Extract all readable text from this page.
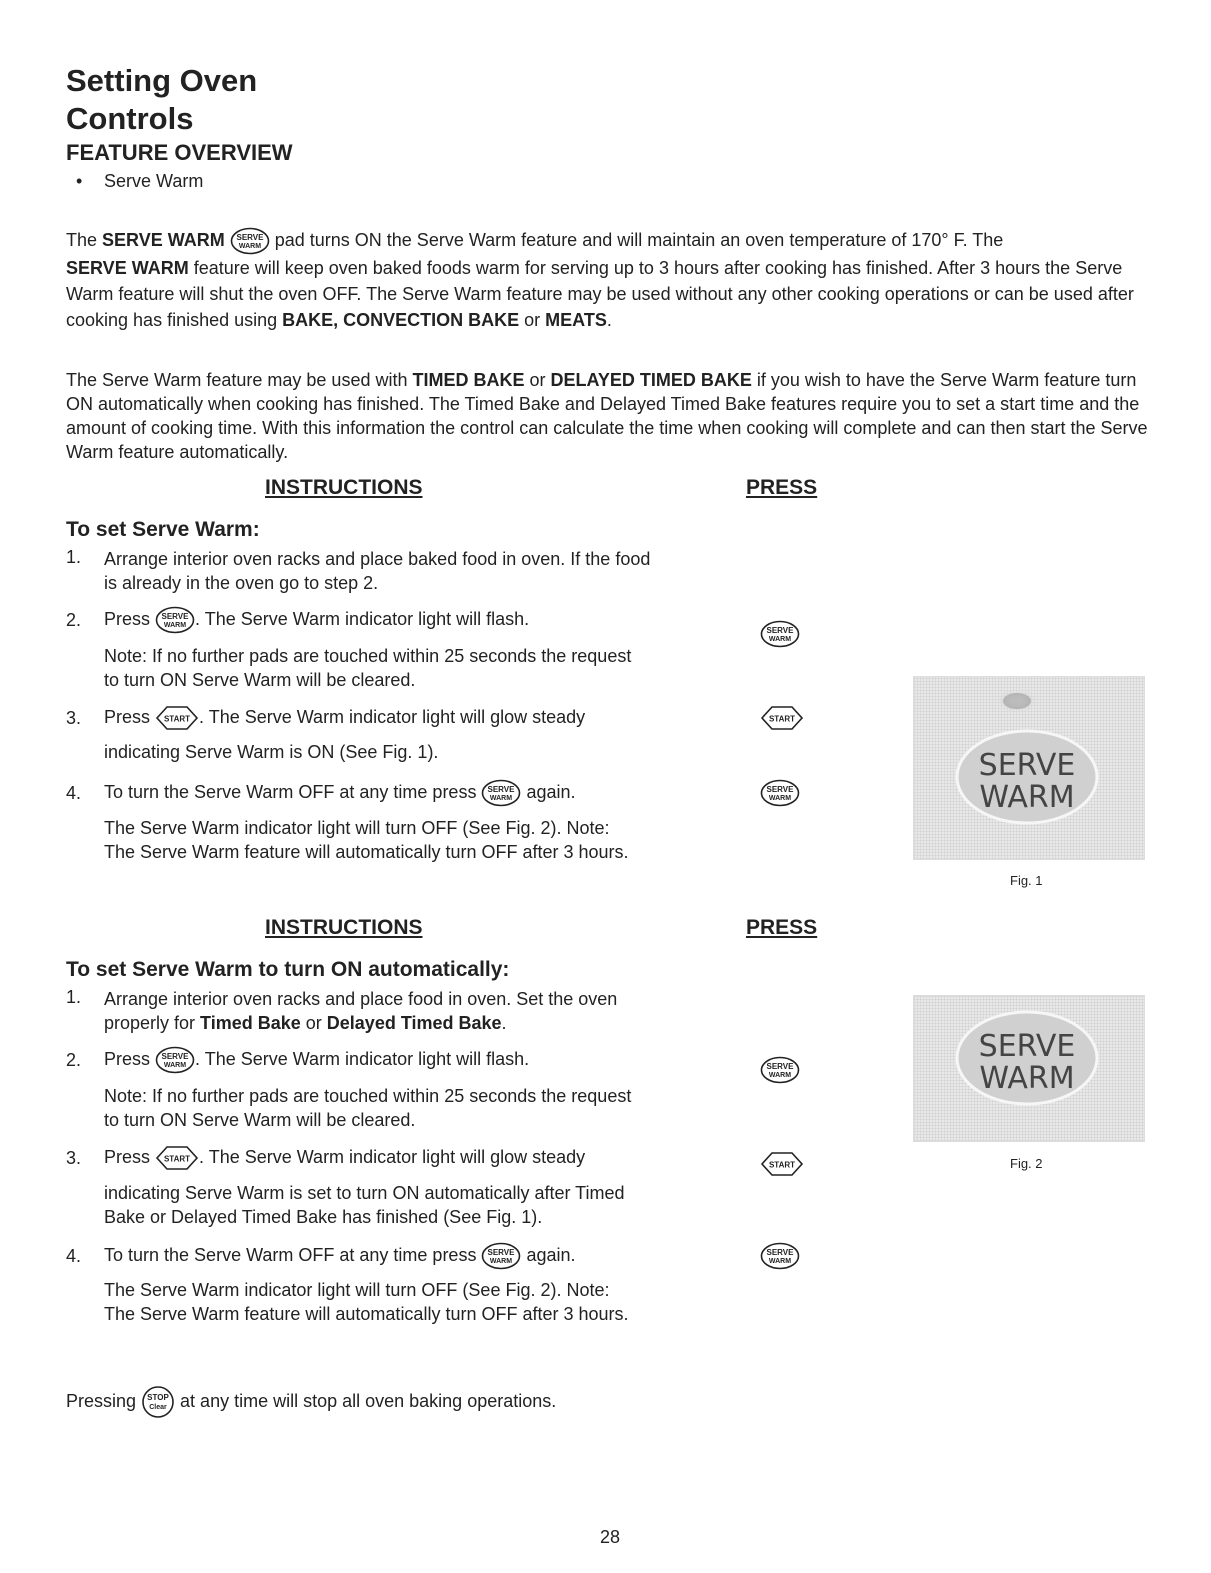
Setting Oven
Controls
FEATURE OVERVIEW
• Serve Warm
The SERVE WARM SERVE
WARM pad turns ON the Serve Warm feature and will maintain an oven temperature of 170° F. The
SERVE WARM feature will keep oven baked foods warm for serving up to 3 hours after cooking has finished. After 3 hours the Serve Warm feature will shut the oven OFF. The Serve Warm feature may be used without any other cooking operations or can be used after cooking has finished using BAKE, CONVECTION BAKE or MEATS.
The Serve Warm feature may be used with TIMED BAKE or DELAYED TIMED BAKE if you wish to have the Serve Warm feature turn ON automatically when cooking has finished. The Timed Bake and Delayed Timed Bake features require you to set a start time and the amount of cooking time. With this information the control can calculate the time when cooking will complete and can then start the Serve Warm feature automatically.
INSTRUCTIONS	PRESS
To set Serve Warm:
1. Arrange interior oven racks and place baked food in oven. If the food is already in the oven go to step 2.
2. Press SERVE
WARM . The Serve Warm indicator light will flash.
Note: If no further pads are touched within 25 seconds the request to turn ON Serve Warm will be cleared.
3. Press START . The Serve Warm indicator light will glow steady
indicating Serve Warm is ON (See Fig. 1).
4. To turn the Serve Warm OFF at any time press SERVE
WARM again.
The Serve Warm indicator light will turn OFF (See Fig. 2). Note: The Serve Warm feature will automatically turn OFF after 3 hours.
SERVE
WARM
START
SERVE
WARM
SERVE
WARM
Fig. 1
INSTRUCTIONS	PRESS
To set Serve Warm to turn ON automatically:
1. Arrange interior oven racks and place food in oven. Set the oven properly for Timed Bake or Delayed Timed Bake.
2. Press SERVE
WARM . The Serve Warm indicator light will flash.
Note: If no further pads are touched within 25 seconds the request to turn ON Serve Warm will be cleared.
3. Press START . The Serve Warm indicator light will glow steady
indicating Serve Warm is set to turn ON automatically after Timed Bake or Delayed Timed Bake has finished (See Fig. 1).
4. To turn the Serve Warm OFF at any time press SERVE
WARM again.
The Serve Warm indicator light will turn OFF (See Fig. 2). Note: The Serve Warm feature will automatically turn OFF after 3 hours.
SERVE
WARM
START
SERVE
WARM
SERVE
WARM
Fig. 2
Pressing STOP
Clear at any time will stop all oven baking operations.
28
